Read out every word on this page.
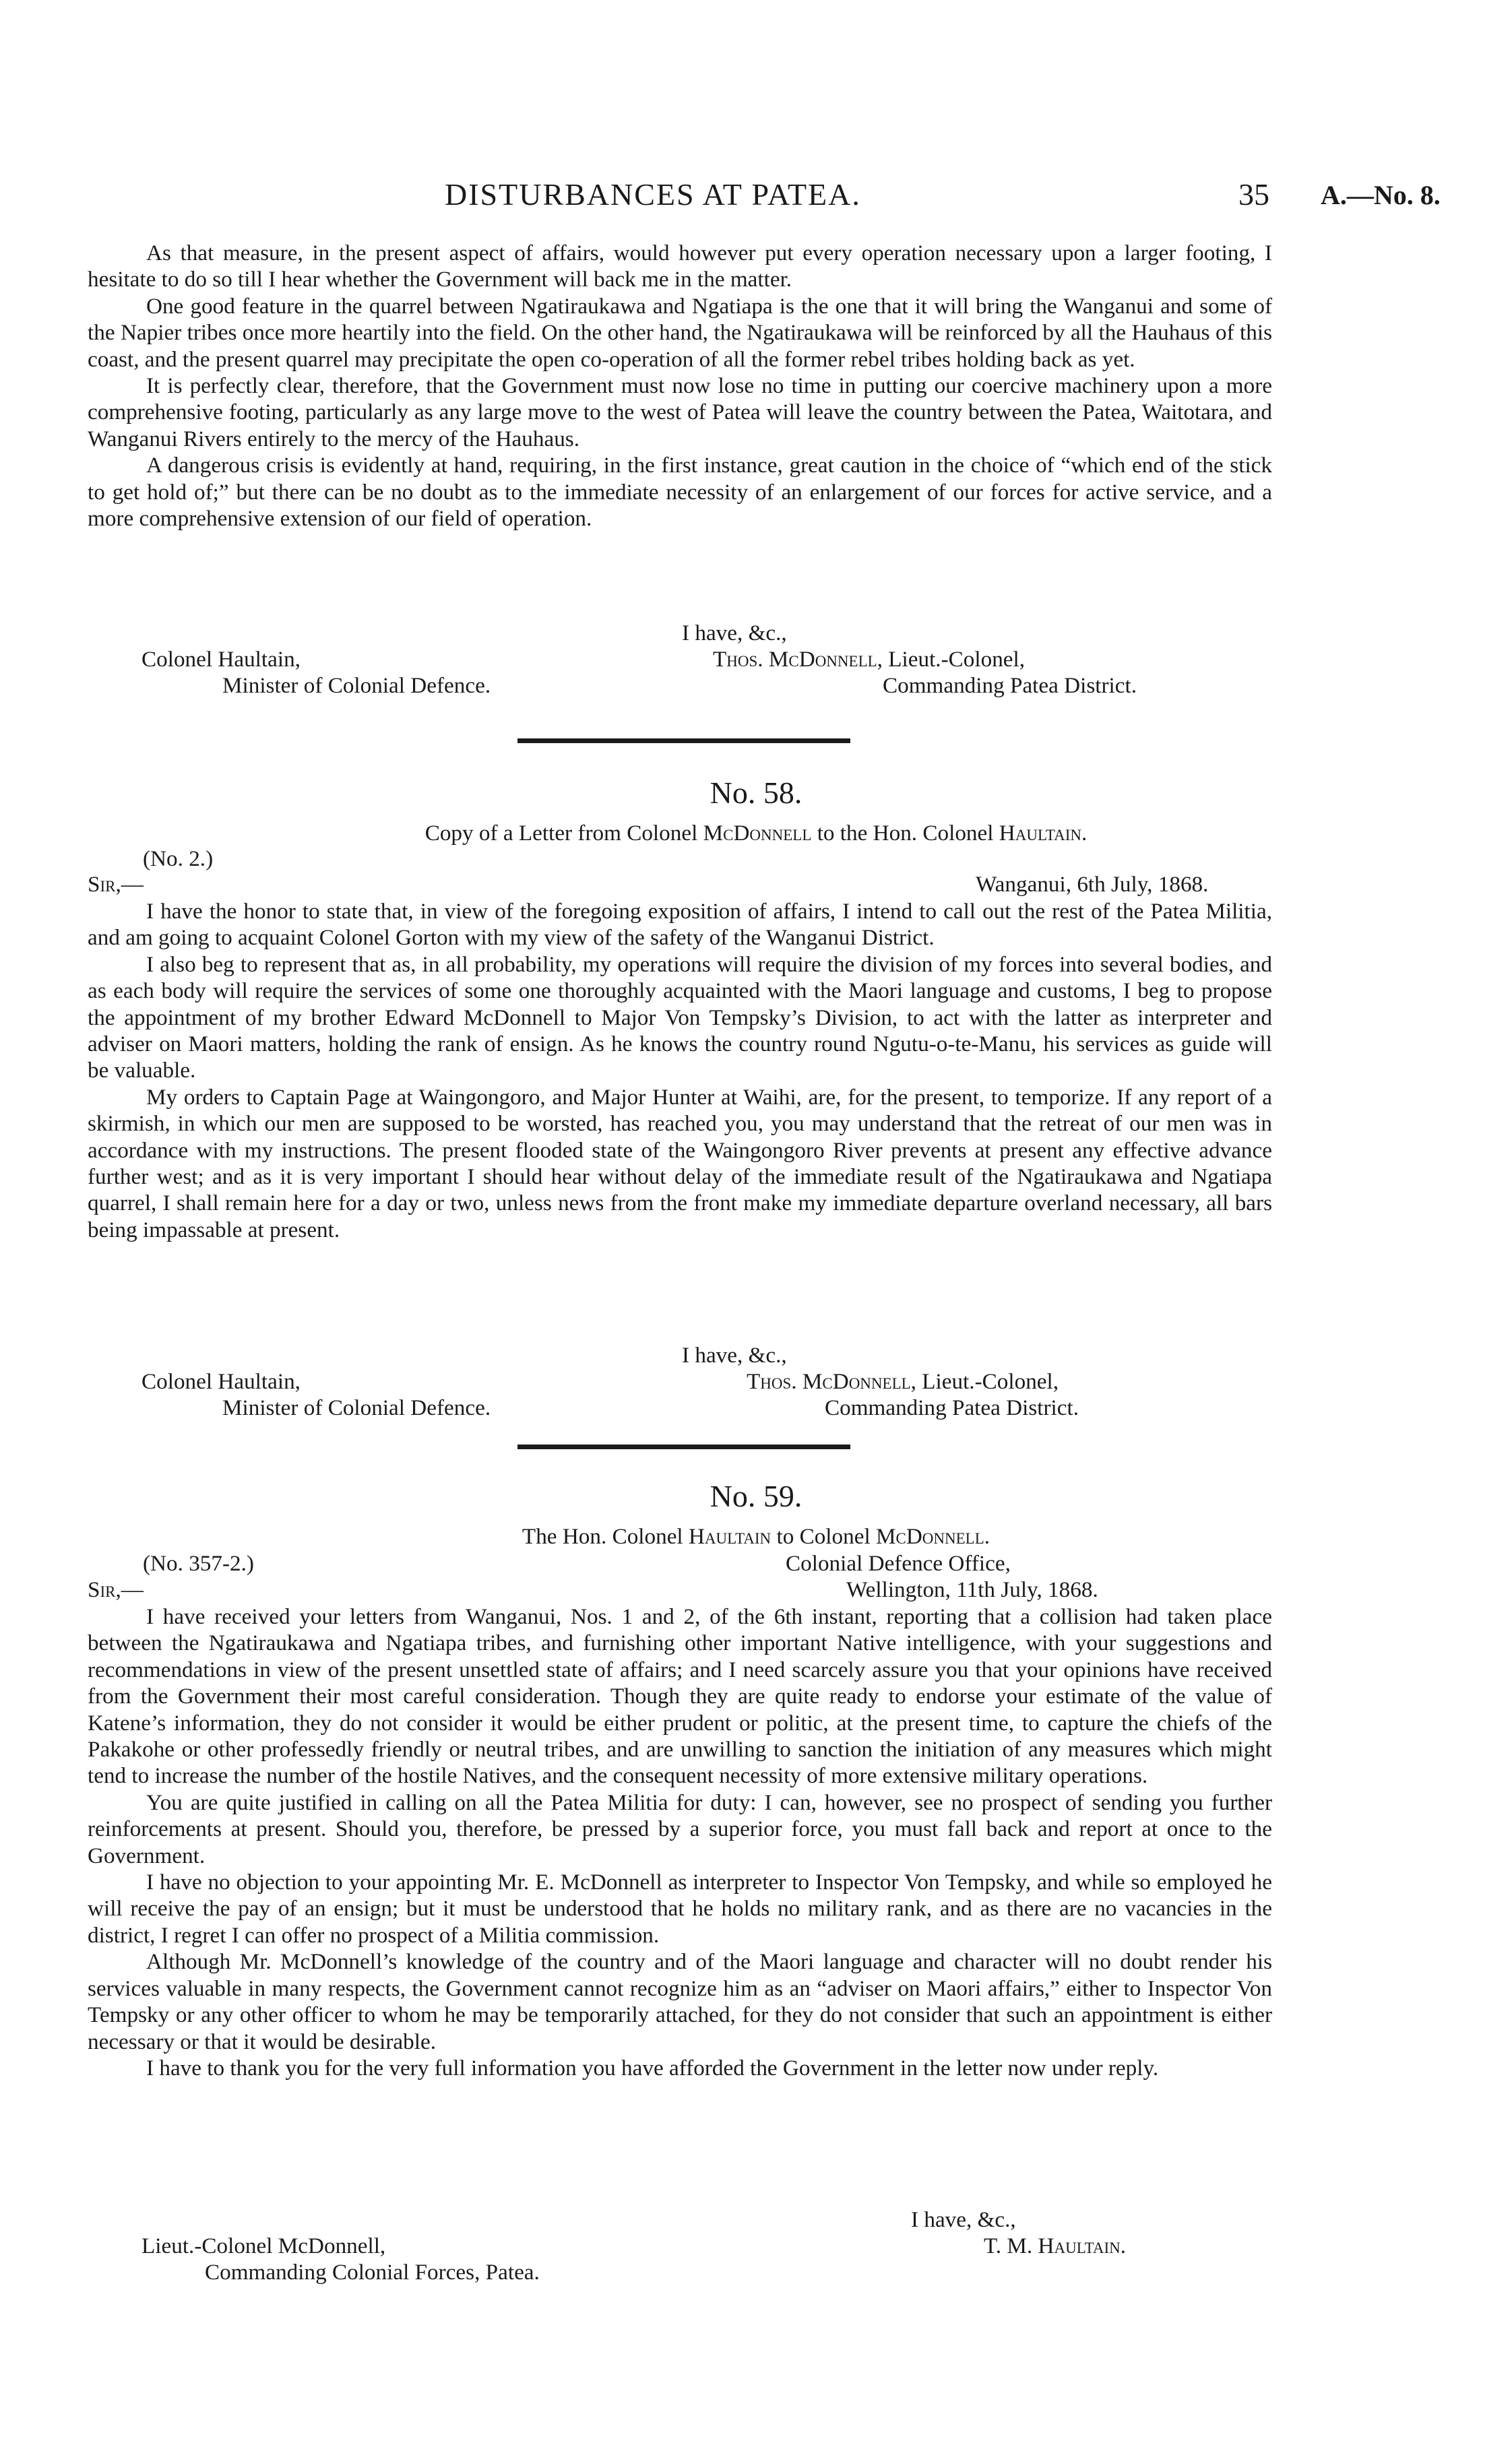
DISTURBANCES AT PATEA.	35 A.—No. 8.

As that measure, in the present aspect of affairs, would however put every operation necessary upon a larger footing, I hesitate to do so till I hear whether the Government will back me in the matter.

One good feature in the quarrel between Ngatiraukawa and Ngatiapa is the one that it will bring the Wanganui and some of the Napier tribes once more heartily into the field. On the other hand, the Ngatiraukawa will be reinforced by all the Hauhaus of this coast, and the present quarrel may precipitate the open co-operation of all the former rebel tribes holding back as yet.

It is perfectly clear, therefore, that the Government must now lose no time in putting our coercive machinery upon a more comprehensive footing, particularly as any large move to the west of Patea will leave the country between the Patea, Waitotara, and Wanganui Rivers entirely to the mercy of the Hauhaus.

A dangerous crisis is evidently at hand, requiring, in the first instance, great caution in the choice of “which end of the stick to get hold of;” but there can be no doubt as to the immediate necessity of an enlargement of our forces for active service, and a more comprehensive extension of our field of operation.

I have, &c.,
Colonel Haultain,	Thos. McDonnell, Lieut.-Colonel,
Minister of Colonial Defence.	Commanding Patea District.
No. 58.
Copy of a Letter from Colonel McDonnell to the Hon. Colonel Haultain.
(No. 2.)
Sir,—	Wanganui, 6th July, 1868.

I have the honor to state that, in view of the foregoing exposition of affairs, I intend to call out the rest of the Patea Militia, and am going to acquaint Colonel Gorton with my view of the safety of the Wanganui District.

I also beg to represent that as, in all probability, my operations will require the division of my forces into several bodies, and as each body will require the services of some one thoroughly acquainted with the Maori language and customs, I beg to propose the appointment of my brother Edward McDonnell to Major Von Tempsky’s Division, to act with the latter as interpreter and adviser on Maori matters, holding the rank of ensign. As he knows the country round Ngutu-o-te-Manu, his services as guide will be valuable.

My orders to Captain Page at Waingongoro, and Major Hunter at Waihi, are, for the present, to temporize. If any report of a skirmish, in which our men are supposed to be worsted, has reached you, you may understand that the retreat of our men was in accordance with my instructions. The present flooded state of the Waingongoro River prevents at present any effective advance further west; and as it is very important I should hear without delay of the immediate result of the Ngatiraukawa and Ngatiapa quarrel, I shall remain here for a day or two, unless news from the front make my immediate departure overland necessary, all bars being impassable at present.

I have, &c.,
Colonel Haultain,	Thos. McDonnell, Lieut.-Colonel,
Minister of Colonial Defence.	Commanding Patea District.
No. 59.
The Hon. Colonel Haultain to Colonel McDonnell.
(No. 357-2.)	Colonial Defence Office,
Sir,—	Wellington, 11th July, 1868.

I have received your letters from Wanganui, Nos. 1 and 2, of the 6th instant, reporting that a collision had taken place between the Ngatiraukawa and Ngatiapa tribes, and furnishing other important Native intelligence, with your suggestions and recommendations in view of the present unsettled state of affairs; and I need scarcely assure you that your opinions have received from the Government their most careful consideration. Though they are quite ready to endorse your estimate of the value of Katene’s information, they do not consider it would be either prudent or politic, at the present time, to capture the chiefs of the Pakakohe or other professedly friendly or neutral tribes, and are unwilling to sanction the initiation of any measures which might tend to increase the number of the hostile Natives, and the consequent necessity of more extensive military operations.

You are quite justified in calling on all the Patea Militia for duty: I can, however, see no prospect of sending you further reinforcements at present. Should you, therefore, be pressed by a superior force, you must fall back and report at once to the Government.

I have no objection to your appointing Mr. E. McDonnell as interpreter to Inspector Von Tempsky, and while so employed he will receive the pay of an ensign; but it must be understood that he holds no military rank, and as there are no vacancies in the district, I regret I can offer no prospect of a Militia commission.

Although Mr. McDonnell’s knowledge of the country and of the Maori language and character will no doubt render his services valuable in many respects, the Government cannot recognize him as an “adviser on Maori affairs,” either to Inspector Von Tempsky or any other officer to whom he may be temporarily attached, for they do not consider that such an appointment is either necessary or that it would be desirable.

I have to thank you for the very full information you have afforded the Government in the letter now under reply.

I have, &c.,
Lieut.-Colonel McDonnell,	T. M. Haultain.
Commanding Colonial Forces, Patea.
